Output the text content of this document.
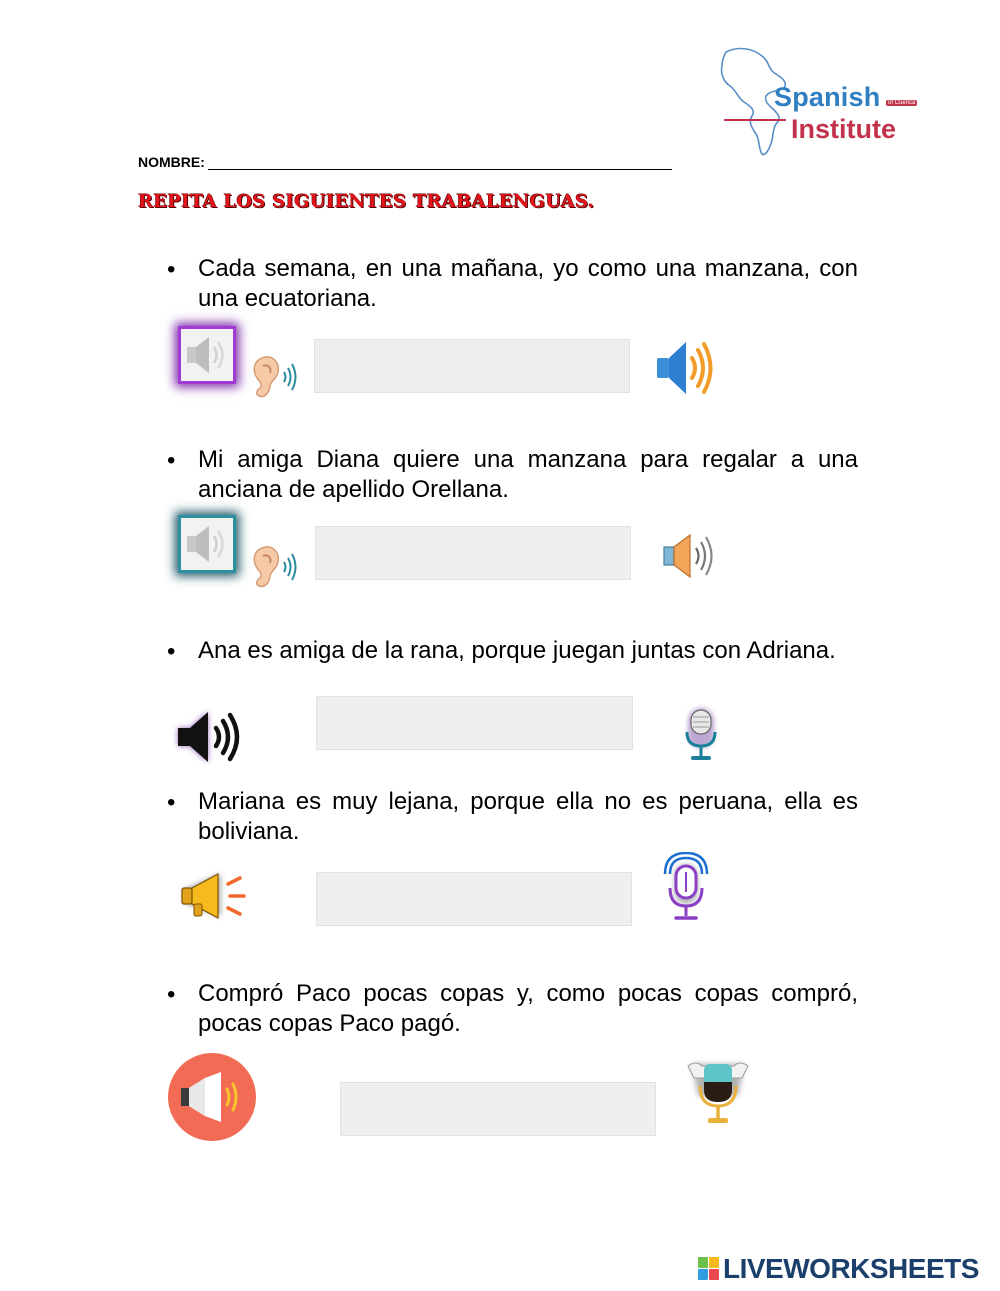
Spanish	of Cuenca
Institute
NOMBRE:
REPITA LOS SIGUIENTES TRABALENGUAS.
• Cada semana, en una mañana, yo como una manzana, con una ecuatoriana.
• Mi amiga Diana quiere una manzana para regalar a una anciana de apellido Orellana.
• Ana es amiga de la rana, porque juegan juntas con Adriana.
• Mariana es muy lejana, porque ella no es peruana, ella es boliviana.
• Compró Paco pocas copas y, como pocas copas compró, pocas copas Paco pagó.
LIVEWORKSHEETS
